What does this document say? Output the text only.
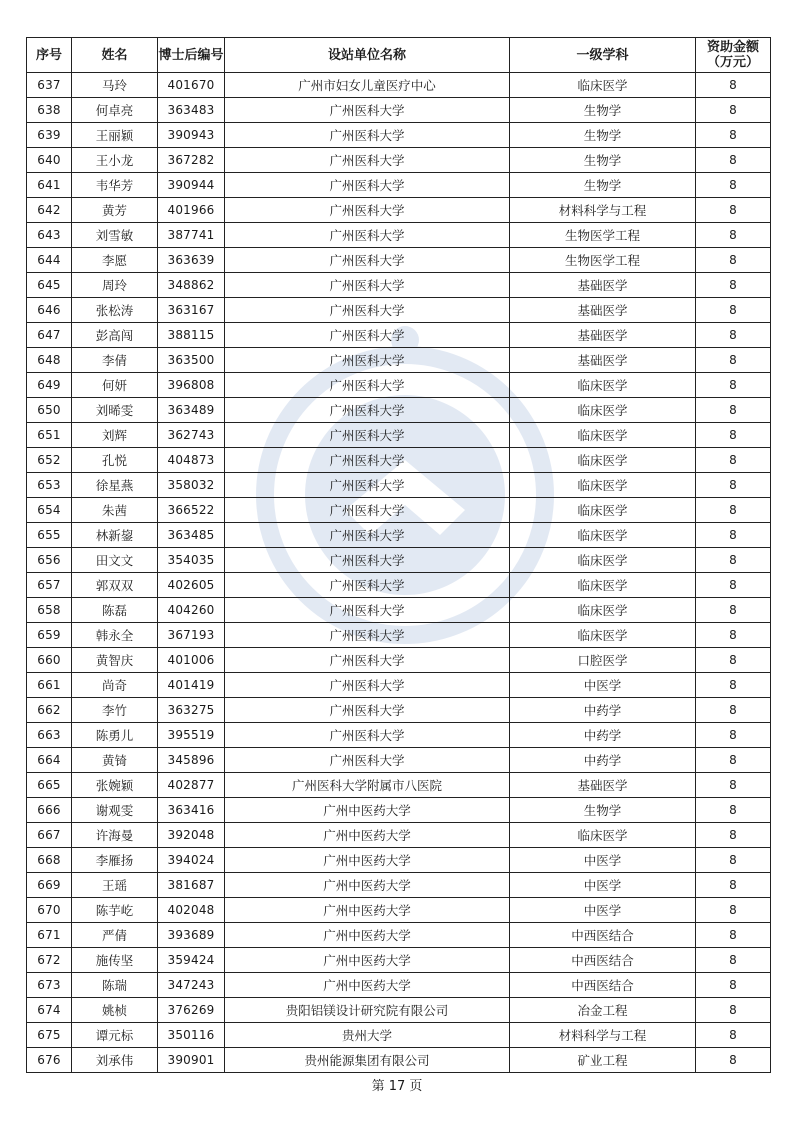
序号	姓名	博士后编号	设站单位名称	一级学科	资助金额（万元）
637	马玲	401670	广州市妇女儿童医疗中心	临床医学	8
638	何卓亮	363483	广州医科大学	生物学	8
639	王丽颖	390943	广州医科大学	生物学	8
640	王小龙	367282	广州医科大学	生物学	8
641	韦华芳	390944	广州医科大学	生物学	8
642	黄芳	401966	广州医科大学	材料科学与工程	8
643	刘雪敏	387741	广州医科大学	生物医学工程	8
644	李愿	363639	广州医科大学	生物医学工程	8
645	周玲	348862	广州医科大学	基础医学	8
646	张松涛	363167	广州医科大学	基础医学	8
647	彭高闯	388115	广州医科大学	基础医学	8
648	李倩	363500	广州医科大学	基础医学	8
649	何妍	396808	广州医科大学	临床医学	8
650	刘晞雯	363489	广州医科大学	临床医学	8
651	刘辉	362743	广州医科大学	临床医学	8
652	孔悦	404873	广州医科大学	临床医学	8
653	徐星燕	358032	广州医科大学	临床医学	8
654	朱茜	366522	广州医科大学	临床医学	8
655	林新鋆	363485	广州医科大学	临床医学	8
656	田文文	354035	广州医科大学	临床医学	8
657	郭双双	402605	广州医科大学	临床医学	8
658	陈磊	404260	广州医科大学	临床医学	8
659	韩永全	367193	广州医科大学	临床医学	8
660	黄智庆	401006	广州医科大学	口腔医学	8
661	尚奇	401419	广州医科大学	中医学	8
662	李竹	363275	广州医科大学	中药学	8
663	陈勇儿	395519	广州医科大学	中药学	8
664	黄锜	345896	广州医科大学	中药学	8
665	张婉颖	402877	广州医科大学附属市八医院	基础医学	8
666	谢观雯	363416	广州中医药大学	生物学	8
667	许海曼	392048	广州中医药大学	临床医学	8
668	李雁扬	394024	广州中医药大学	中医学	8
669	王瑶	381687	广州中医药大学	中医学	8
670	陈芋屹	402048	广州中医药大学	中医学	8
671	严倩	393689	广州中医药大学	中西医结合	8
672	施传坚	359424	广州中医药大学	中西医结合	8
673	陈瑞	347243	广州中医药大学	中西医结合	8
674	姚桢	376269	贵阳铝镁设计研究院有限公司	冶金工程	8
675	谭元标	350116	贵州大学	材料科学与工程	8
676	刘承伟	390901	贵州能源集团有限公司	矿业工程	8
第 17 页
